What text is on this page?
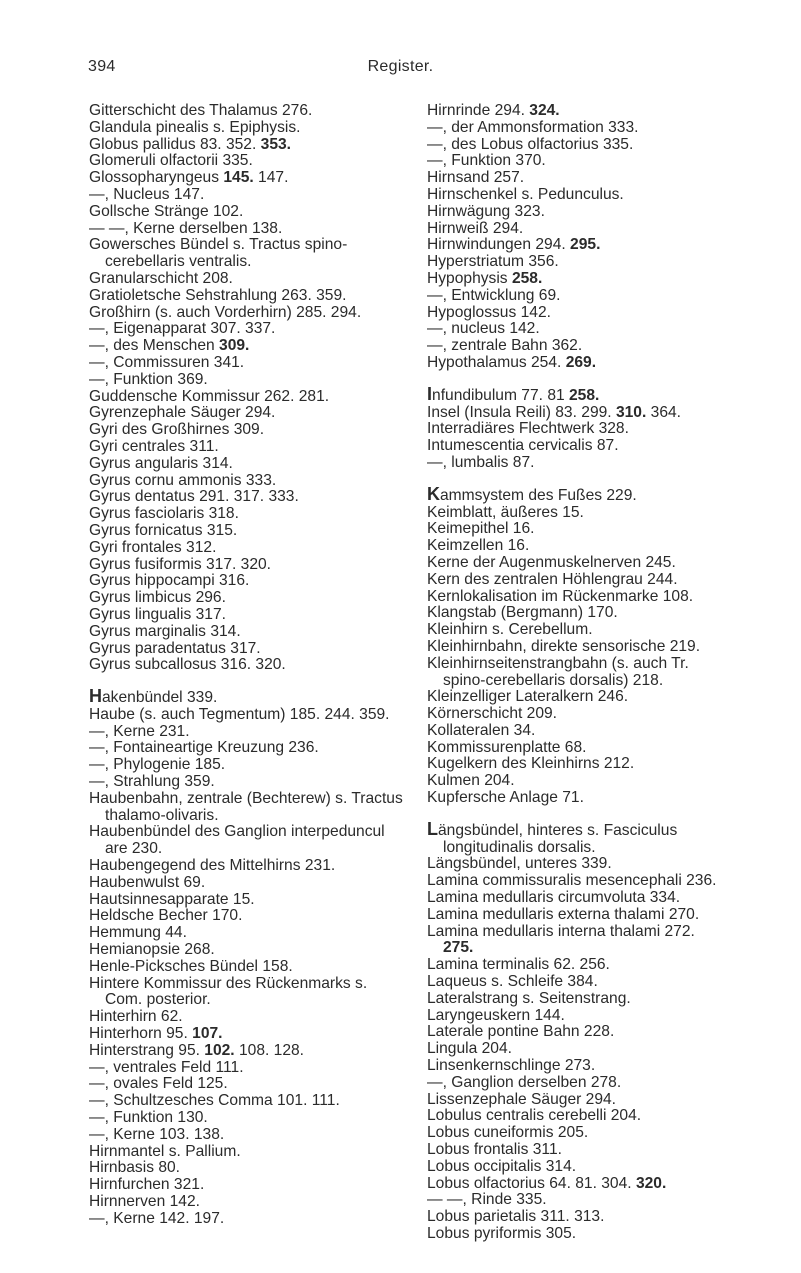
394	Register.
Gitterschicht des Thalamus 276.
Glandula pinealis s. Epiphysis.
Globus pallidus 83. 352. 353.
Glomeruli olfactorii 335.
Glossopharyngeus 145. 147.
—, Nucleus 147.
Gollsche Stränge 102.
— —, Kerne derselben 138.
Gowersches Bündel s. Tractus spino-cerebellaris ventralis.
Granularschicht 208.
Gratioletsche Sehstrahlung 263. 359.
Großhirn (s. auch Vorderhirn) 285. 294.
—, Eigenapparat 307. 337.
—, des Menschen 309.
—, Commissuren 341.
—, Funktion 369.
Guddensche Kommissur 262. 281.
Gyrenzephale Säuger 294.
Gyri des Großhirnes 309.
Gyri centrales 311.
Gyrus angularis 314.
Gyrus cornu ammonis 333.
Gyrus dentatus 291. 317. 333.
Gyrus fasciolaris 318.
Gyrus fornicatus 315.
Gyri frontales 312.
Gyrus fusiformis 317. 320.
Gyrus hippocampi 316.
Gyrus limbicus 296.
Gyrus lingualis 317.
Gyrus marginalis 314.
Gyrus paradentatus 317.
Gyrus subcallosus 316. 320.
Hakenbündel 339.
Haube (s. auch Tegmentum) 185. 244. 359.
—, Kerne 231.
—, Fontaineartige Kreuzung 236.
—, Phylogenie 185.
—, Strahlung 359.
Haubenbahn, zentrale (Bechterew) s. Tractus thalamo-olivaris.
Haubenbündel des Ganglion interpeduncul are 230.
Haubengegend des Mittelhirns 231.
Haubenwulst 69.
Hautsinnesapparate 15.
Heldsche Becher 170.
Hemmung 44.
Hemianopsie 268.
Henle-Picksches Bündel 158.
Hintere Kommissur des Rückenmarks s. Com. posterior.
Hinterhirn 62.
Hinterhorn 95. 107.
Hinterstrang 95. 102. 108. 128.
—, ventrales Feld 111.
—, ovales Feld 125.
—, Schultzesches Comma 101. 111.
—, Funktion 130.
—, Kerne 103. 138.
Hirnmantel s. Pallium.
Hirnbasis 80.
Hirnfurchen 321.
Hirnnerven 142.
—, Kerne 142. 197.
Hirnrinde 294. 324.
—, der Ammonsformation 333.
—, des Lobus olfactorius 335.
—, Funktion 370.
Hirnsand 257.
Hirnschenkel s. Pedunculus.
Hirnwägung 323.
Hirnweiß 294.
Hirnwindungen 294. 295.
Hyperstriatum 356.
Hypophysis 258.
—, Entwicklung 69.
Hypoglossus 142.
—, nucleus 142.
—, zentrale Bahn 362.
Hypothalamus 254. 269.
Infundibulum 77. 81 258.
Insel (Insula Reili) 83. 299. 310. 364.
Interradiäres Flechtwerk 328.
Intumescentia cervicalis 87.
—, lumbalis 87.
Kammsystem des Fußes 229.
Keimblatt, äußeres 15.
Keimepithel 16.
Keimzellen 16.
Kerne der Augenmuskelnerven 245.
Kern des zentralen Höhlengrau 244.
Kernlokalisation im Rückenmarke 108.
Klangstab (Bergmann) 170.
Kleinhirn s. Cerebellum.
Kleinhirnbahn, direkte sensorische 219.
Kleinhirnseitenstrangbahn (s. auch Tr. spino-cerebellaris dorsalis) 218.
Kleinzelliger Lateralkern 246.
Körnerschicht 209.
Kollateralen 34.
Kommissurenplatte 68.
Kugelkern des Kleinhirns 212.
Kulmen 204.
Kupfersche Anlage 71.
Längsbündel, hinteres s. Fasciculus longitudinalis dorsalis.
Längsbündel, unteres 339.
Lamina commissuralis mesencephali 236.
Lamina medullaris circumvoluta 334.
Lamina medullaris externa thalami 270.
Lamina medullaris interna thalami 272. 275.
Lamina terminalis 62. 256.
Laqueus s. Schleife 384.
Lateralstrang s. Seitenstrang.
Laryngeuskern 144.
Laterale pontine Bahn 228.
Lingula 204.
Linsenkernschlinge 273.
—, Ganglion derselben 278.
Lissenzephale Säuger 294.
Lobulus centralis cerebelli 204.
Lobus cuneiformis 205.
Lobus frontalis 311.
Lobus occipitalis 314.
Lobus olfactorius 64. 81. 304. 320.
— —, Rinde 335.
Lobus parietalis 311. 313.
Lobus pyriformis 305.
